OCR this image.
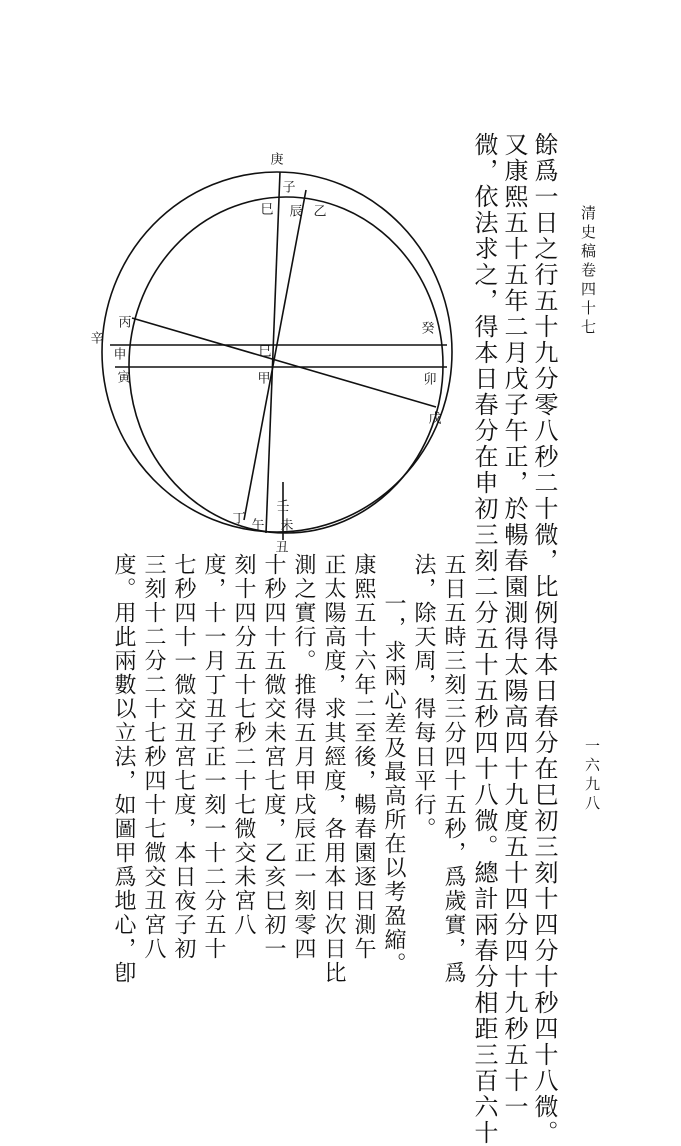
清史稿卷四十七
一六九八
餘爲一日之行五十九分零八秒二十微，比例得本日春分在巳初三刻十四分十秒四十八微。
又康熙五十五年二月戊子午正，於暢春園測得太陽高四十九度五十四分四十九秒五十一
微，依法求之，得本日春分在申初三刻二分五十五秒四十八微。總計兩春分相距三百六十
五日五時三刻三分四十五秒，爲歲實，爲
法，除天周，得每日平行。
一，求兩心差及最高所在以考盈縮。
康熙五十六年二至後，暢春園逐日測午
正太陽高度，求其經度，各用本日次日比
測之實行。推得五月甲戌辰正一刻零四
十秒四十五微交未宮七度，乙亥巳初一
刻十四分五十七秒二十七微交未宮八
度，十一月丁丑子正一刻一十二分五十
七秒四十一微交丑宮七度，本日夜子初
三刻十二分二十七秒四十七微交丑宮八
度。用此兩數以立法，如圖甲爲地心，卽
庚
辛
丑
子
巳 辰 乙
丙
申
寅
巳
甲
癸
卯
戊
壬
丁 午 未
